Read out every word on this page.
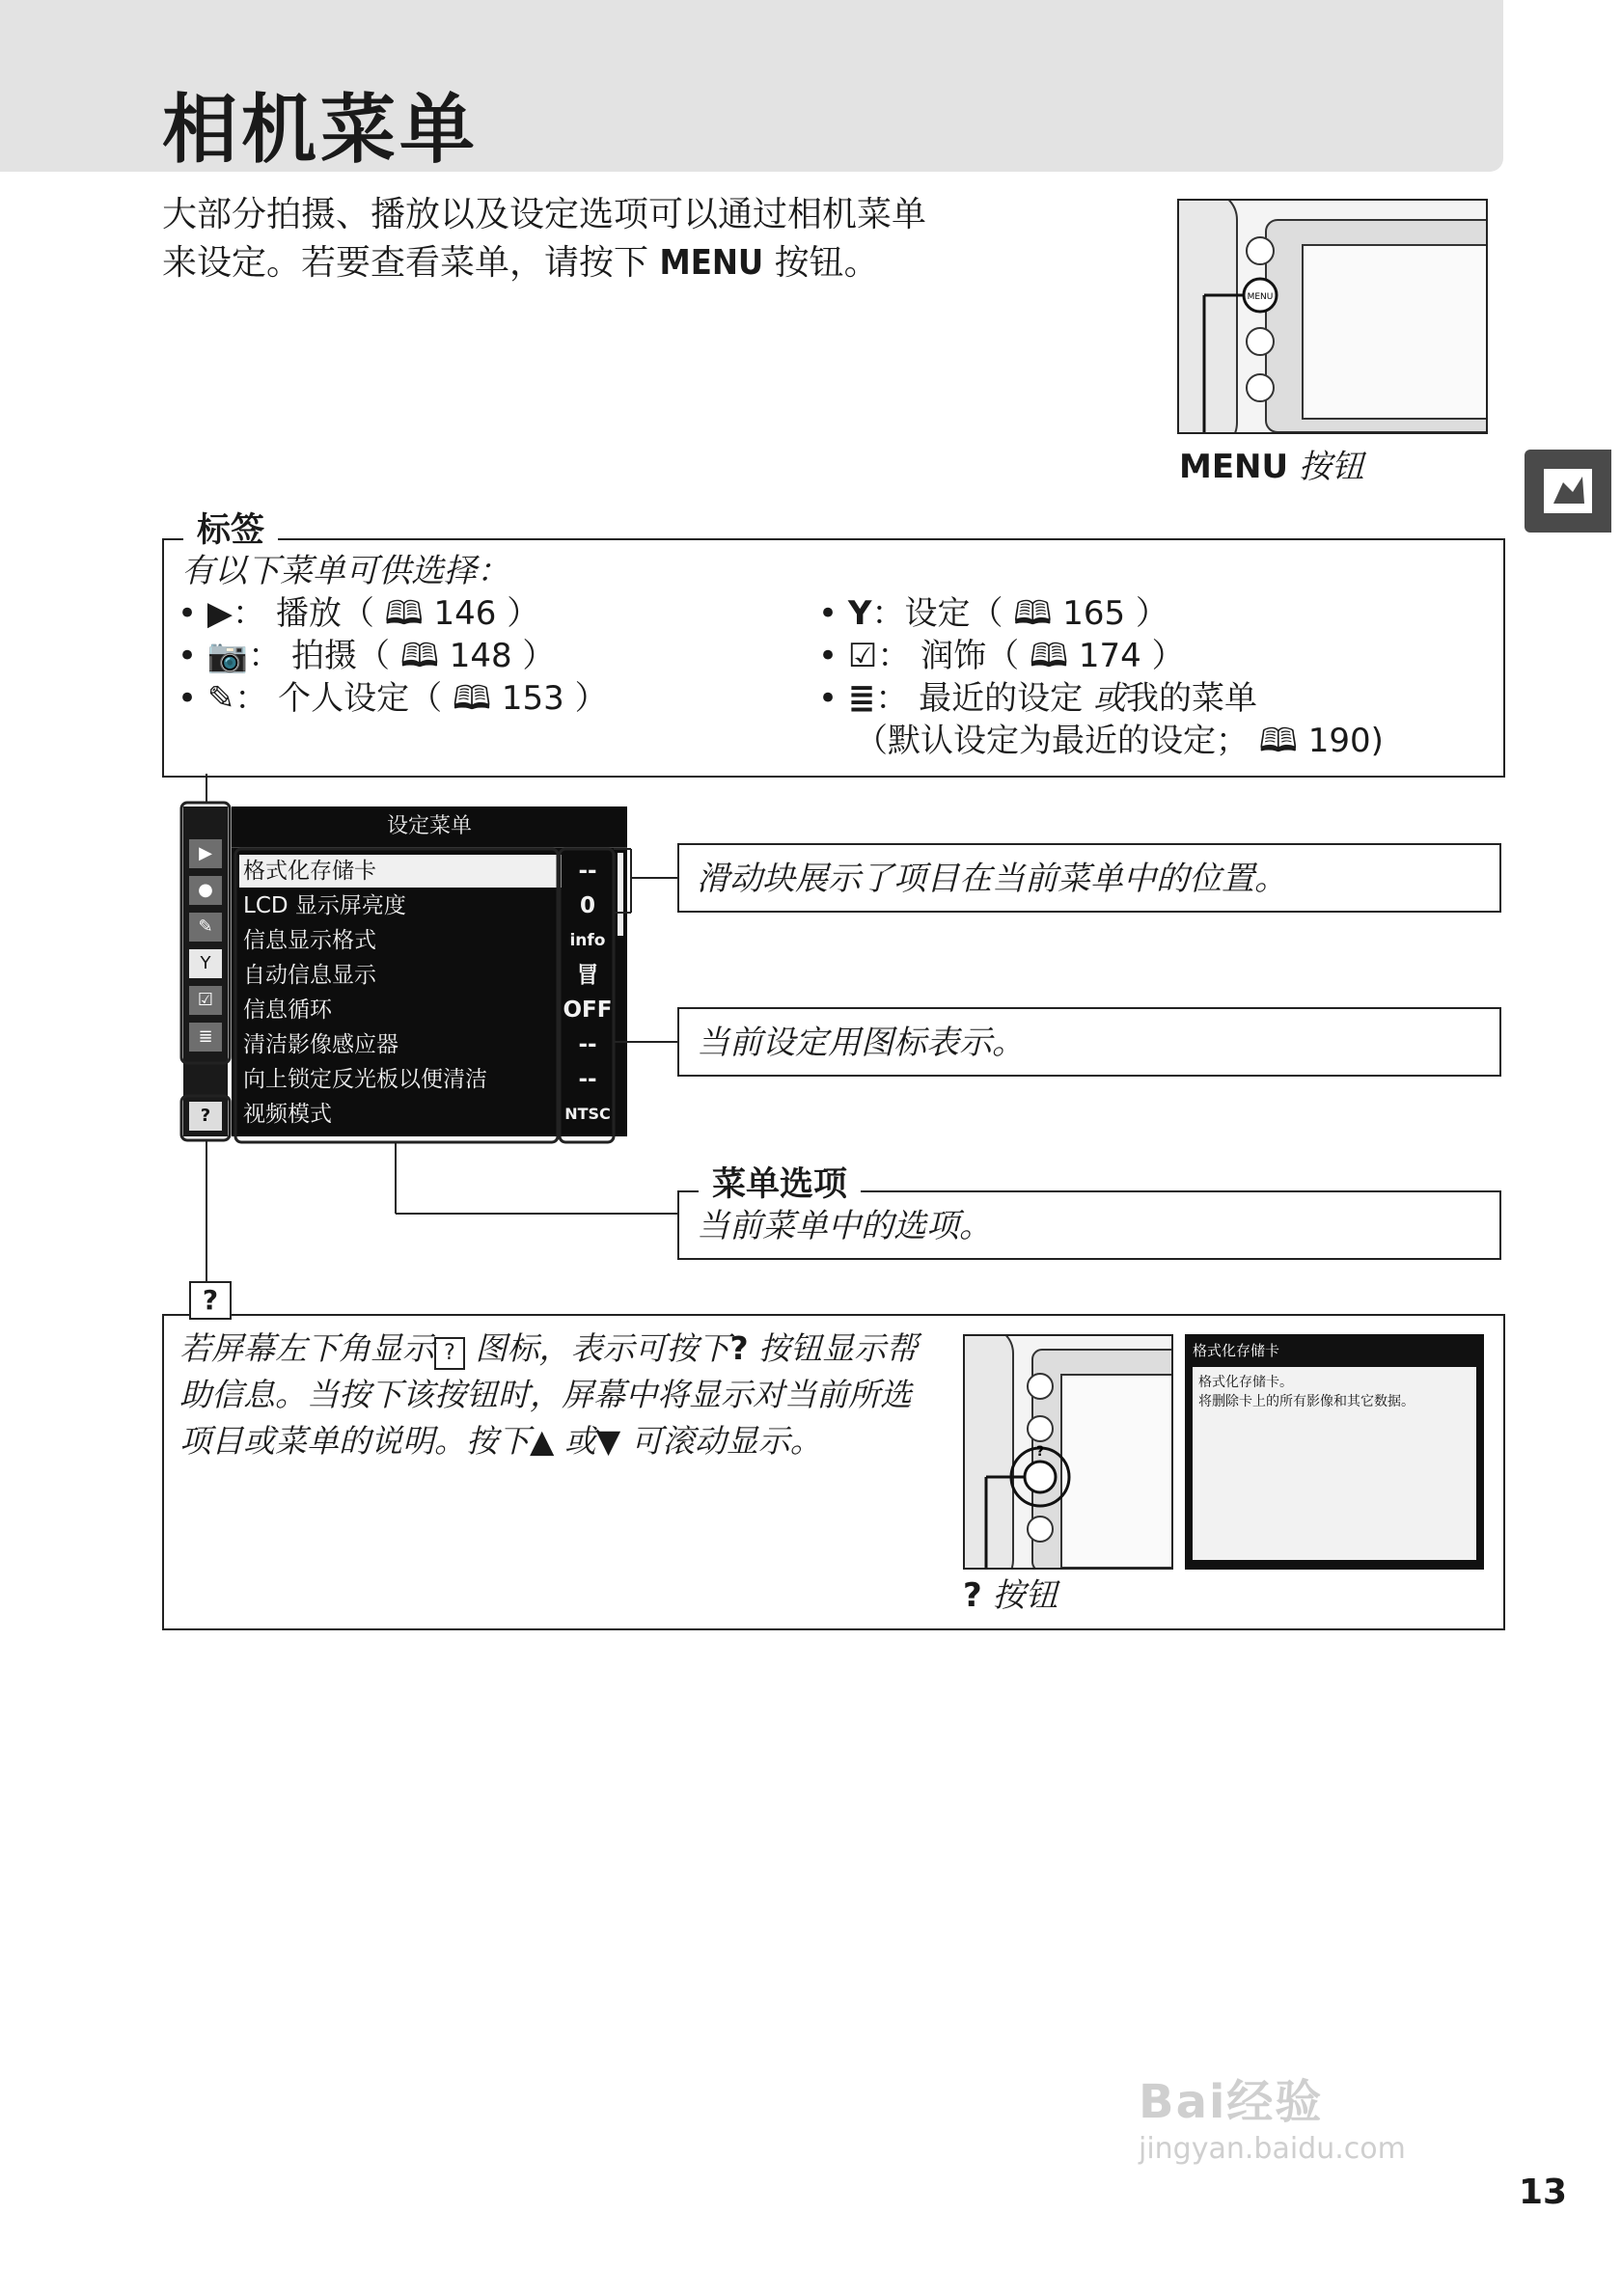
相机菜单
大部分拍摄、播放以及设定选项可以通过相机菜单来设定。若要查看菜单，请按下 MENU 按钮。
MENU
MENU 按钮
标签
有以下菜单可供选择：
• ▶： 播放（ 🕮 146 ）
• 📷： 拍摄（ 🕮 148 ）
• ✎： 个人设定（ 🕮 153 ）
• Y：设定（ 🕮 165 ）
• ☑： 润饰（ 🕮 174 ）
• ≣： 最近的设定 或我的菜单
（默认设定为最近的设定； 🕮 190)
▶
●
✎
Y
☑
≣
?
设定菜单
格式化存储卡	--
LCD 显示屏亮度	0
信息显示格式	info
自动信息显示	冒
信息循环	OFF
清洁影像感应器	--
向上锁定反光板以便清洁	--
视频模式	NTSC
滑动块展示了项目在当前菜单中的位置。
当前设定用图标表示。
当前菜单中的选项。
菜单选项
?
若屏幕左下角显示 ? 图标，表示可按下? 按钮显示帮助信息。当按下该按钮时，屏幕中将显示对当前所选项目或菜单的说明。按下▲ 或▼ 可滚动显示。	?
? 按钮
格式化存储卡
格式化存储卡。
将删除卡上的所有影像和其它数据。
Bai经验
jingyan.baidu.com
13
